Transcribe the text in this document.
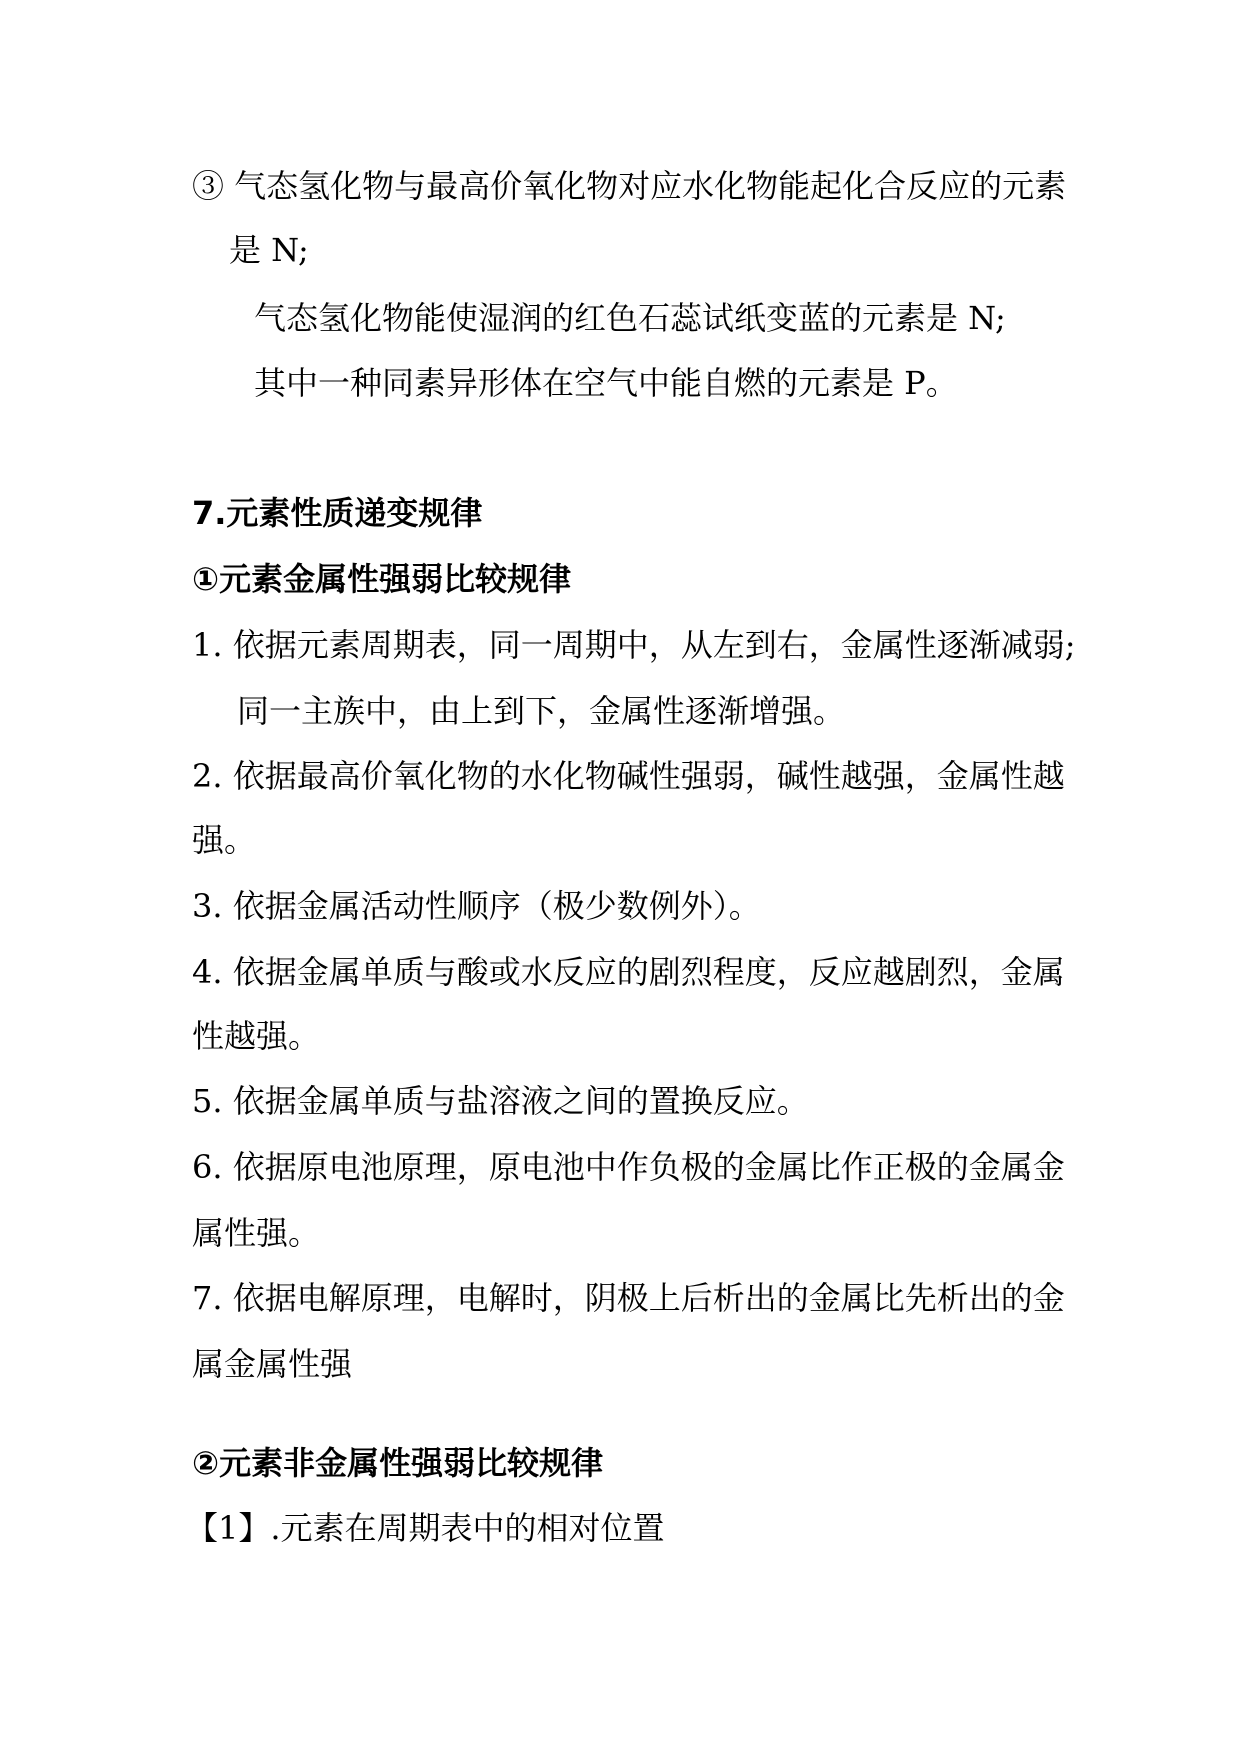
③ 气态氢化物与最高价氧化物对应水化物能起化合反应的元素
是 N;
气态氢化物能使湿润的红色石蕊试纸变蓝的元素是 N;
其中一种同素异形体在空气中能自燃的元素是 P。
7.元素性质递变规律
①元素金属性强弱比较规律
1. 依据元素周期表，同一周期中，从左到右，金属性逐渐减弱;
同一主族中，由上到下，金属性逐渐增强。
2. 依据最高价氧化物的水化物碱性强弱，碱性越强，金属性越
强。
3. 依据金属活动性顺序（极少数例外）。
4. 依据金属单质与酸或水反应的剧烈程度，反应越剧烈，金属
性越强。
5. 依据金属单质与盐溶液之间的置换反应。
6. 依据原电池原理，原电池中作负极的金属比作正极的金属金
属性强。
7. 依据电解原理，电解时，阴极上后析出的金属比先析出的金
属金属性强
②元素非金属性强弱比较规律
【1】.元素在周期表中的相对位置
